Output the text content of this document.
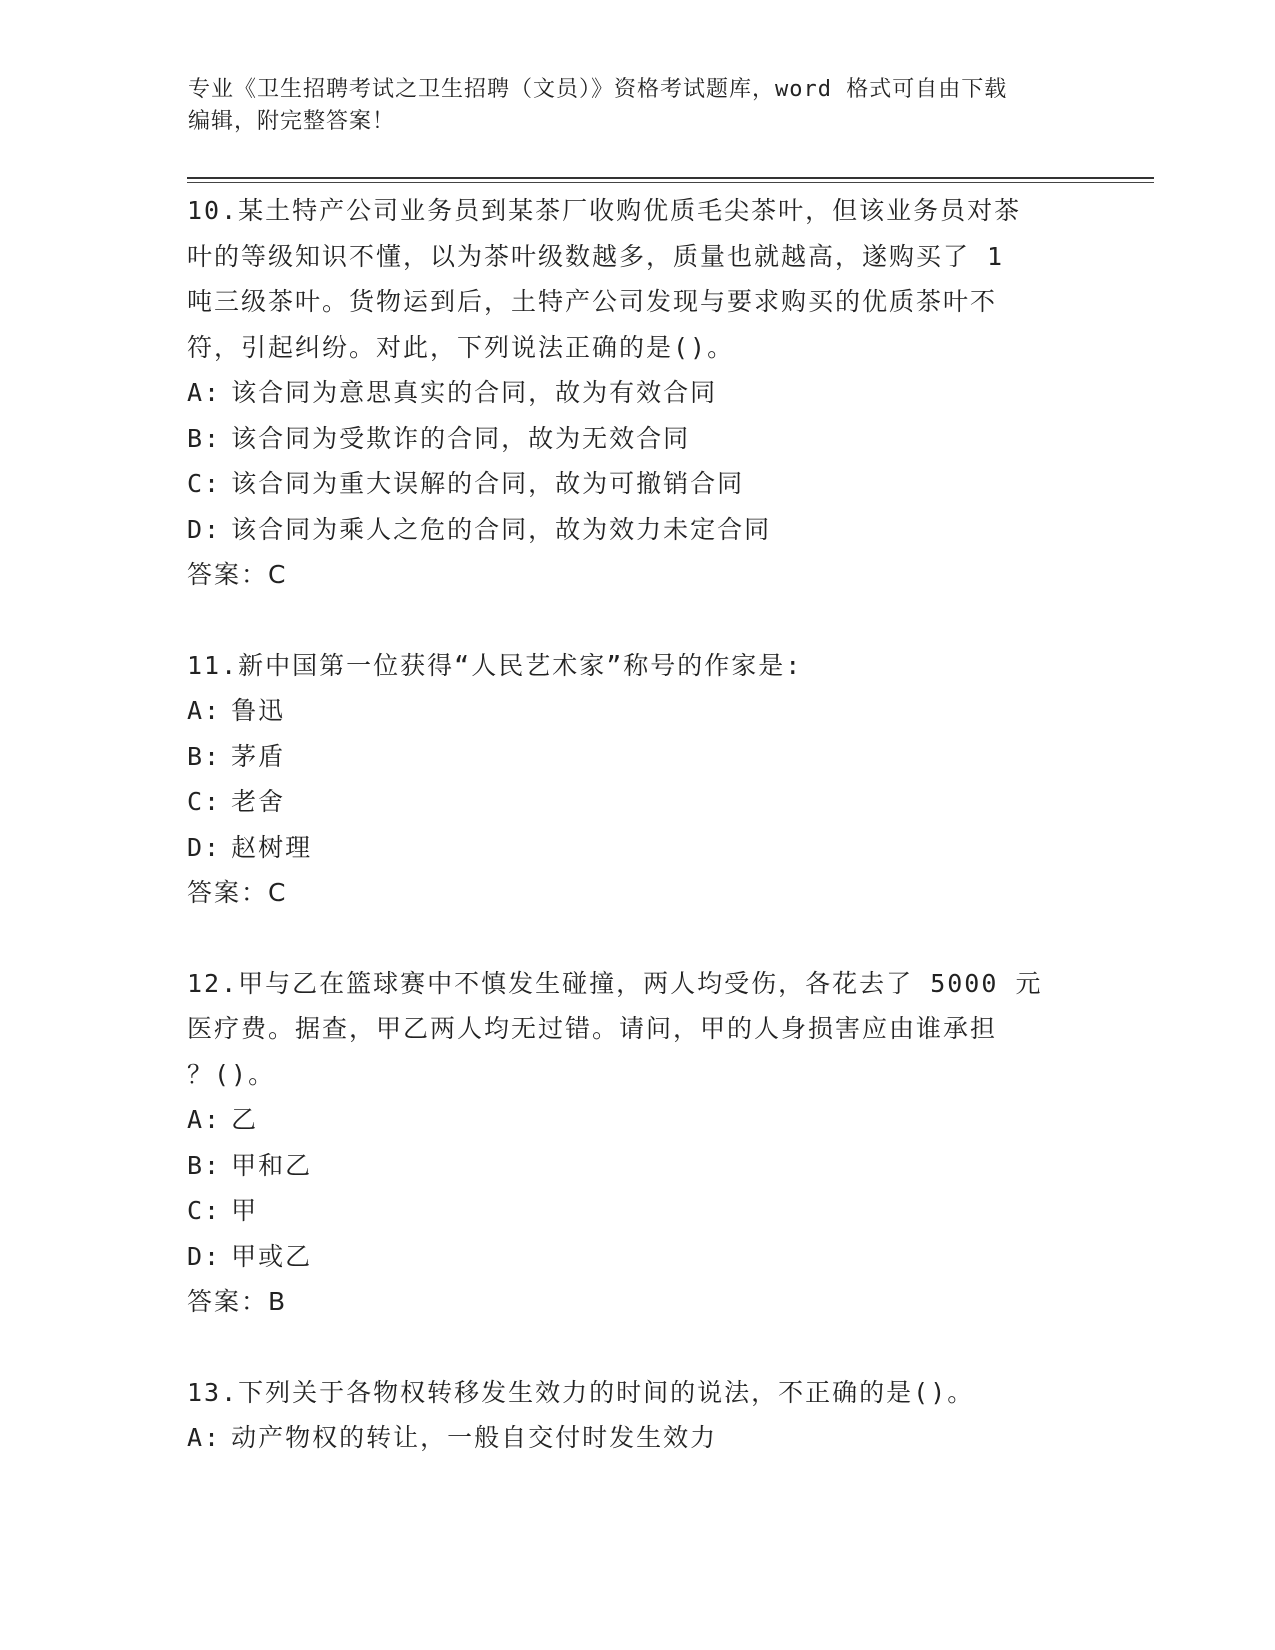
专业《卫生招聘考试之卫生招聘（文员）》资格考试题库，word 格式可自由下载
编辑，附完整答案！
10.某土特产公司业务员到某茶厂收购优质毛尖茶叶，但该业务员对茶
叶的等级知识不懂，以为茶叶级数越多，质量也就越高，遂购买了 1
吨三级茶叶。货物运到后，土特产公司发现与要求购买的优质茶叶不
符，引起纠纷。对此，下列说法正确的是()。
A: 该合同为意思真实的合同，故为有效合同
B: 该合同为受欺诈的合同，故为无效合同
C: 该合同为重大误解的合同，故为可撤销合同
D: 该合同为乘人之危的合同，故为效力未定合同
答案：C
11.新中国第一位获得“人民艺术家”称号的作家是:
A: 鲁迅
B: 茅盾
C: 老舍
D: 赵树理
答案：C
12.甲与乙在篮球赛中不慎发生碰撞，两人均受伤，各花去了 5000 元
医疗费。据查，甲乙两人均无过错。请问，甲的人身损害应由谁承担
？()。
A: 乙
B: 甲和乙
C: 甲
D: 甲或乙
答案：B
13.下列关于各物权转移发生效力的时间的说法，不正确的是()。
A: 动产物权的转让，一般自交付时发生效力
